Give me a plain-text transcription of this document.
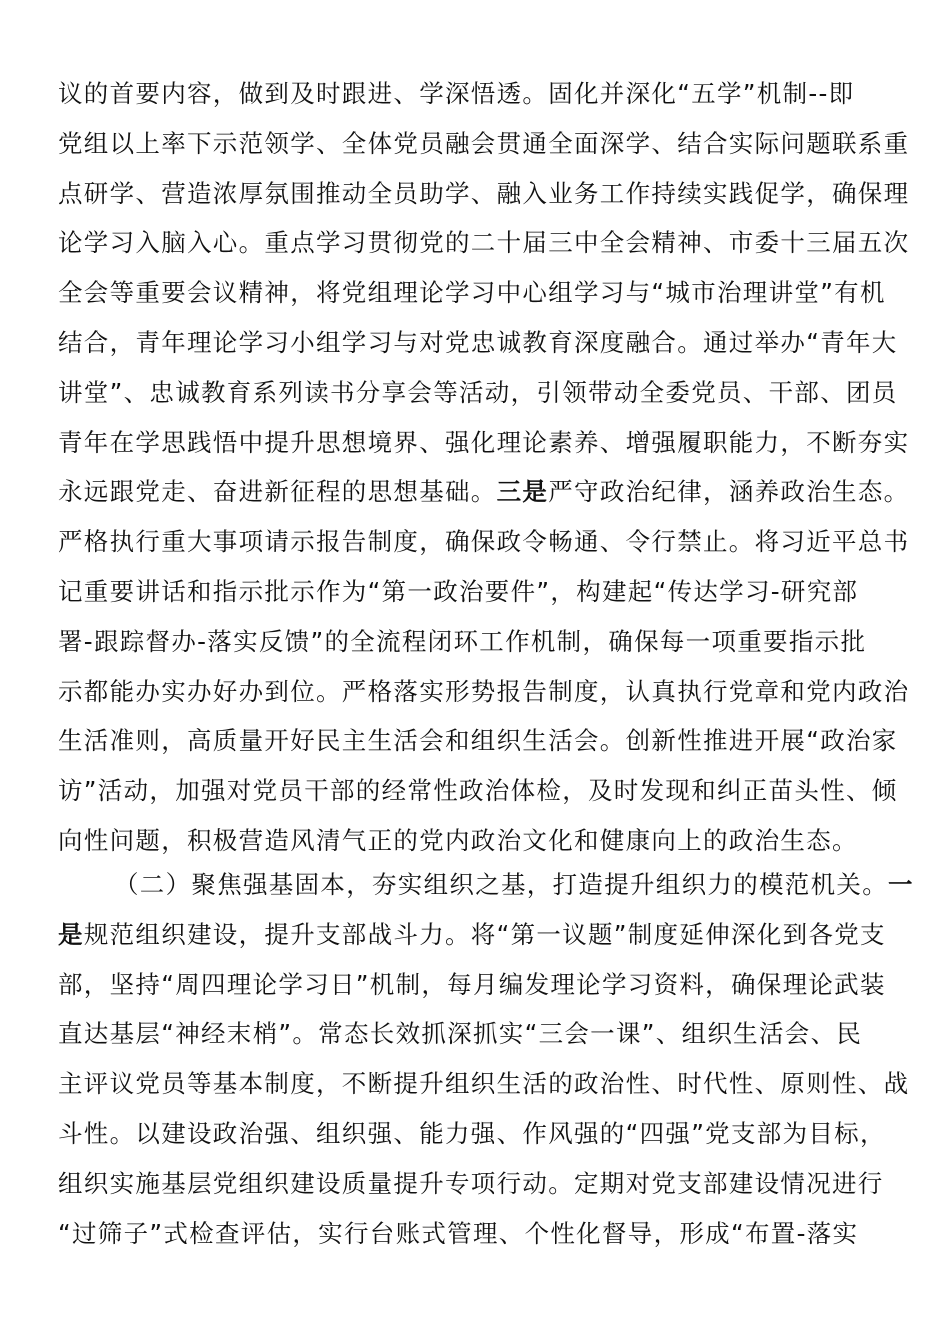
议的首要内容，做到及时跟进、学深悟透。固化并深化“五学”机制--即
党组以上率下示范领学、全体党员融会贯通全面深学、结合实际问题联系重
点研学、营造浓厚氛围推动全员助学、融入业务工作持续实践促学，确保理
论学习入脑入心。重点学习贯彻党的二十届三中全会精神、市委十三届五次
全会等重要会议精神，将党组理论学习中心组学习与“城市治理讲堂”有机
结合，青年理论学习小组学习与对党忠诚教育深度融合。通过举办“青年大
讲堂”、忠诚教育系列读书分享会等活动，引领带动全委党员、干部、团员
青年在学思践悟中提升思想境界、强化理论素养、增强履职能力，不断夯实
永远跟党走、奋进新征程的思想基础。三是严守政治纪律，涵养政治生态。
严格执行重大事项请示报告制度，确保政令畅通、令行禁止。将习近平总书
记重要讲话和指示批示作为“第一政治要件”，构建起“传达学习-研究部
署-跟踪督办-落实反馈”的全流程闭环工作机制，确保每一项重要指示批
示都能办实办好办到位。严格落实形势报告制度，认真执行党章和党内政治
生活准则，高质量开好民主生活会和组织生活会。创新性推进开展“政治家
访”活动，加强对党员干部的经常性政治体检，及时发现和纠正苗头性、倾
向性问题，积极营造风清气正的党内政治文化和健康向上的政治生态。
（二）聚焦强基固本，夯实组织之基，打造提升组织力的模范机关。一
是规范组织建设，提升支部战斗力。将“第一议题”制度延伸深化到各党支
部，坚持“周四理论学习日”机制，每月编发理论学习资料，确保理论武装
直达基层“神经末梢”。常态长效抓深抓实“三会一课”、组织生活会、民
主评议党员等基本制度，不断提升组织生活的政治性、时代性、原则性、战
斗性。以建设政治强、组织强、能力强、作风强的“四强”党支部为目标，
组织实施基层党组织建设质量提升专项行动。定期对党支部建设情况进行
“过筛子”式检查评估，实行台账式管理、个性化督导，形成“布置-落实
